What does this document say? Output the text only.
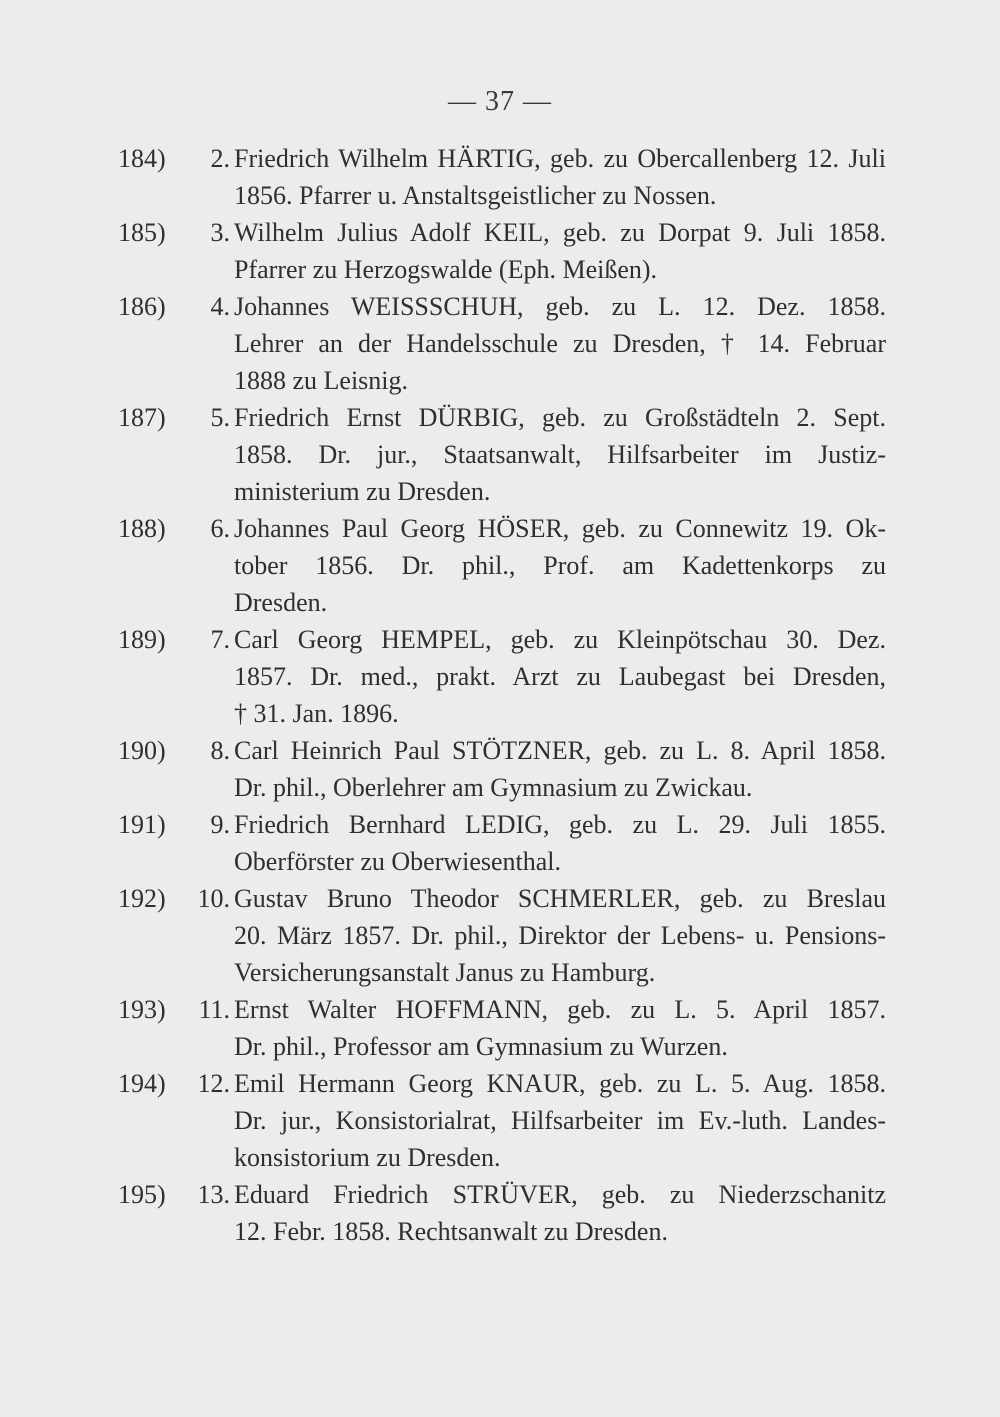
— 37 —
184)	2. Friedrich Wilhelm HÄRTIG, geb. zu Obercallenberg 12. Juli
1856. Pfarrer u. Anstaltsgeistlicher zu Nossen.
185)	3. Wilhelm Julius Adolf KEIL, geb. zu Dorpat 9. Juli 1858.
Pfarrer zu Herzogswalde (Eph. Meißen).
186)	4. Johannes WEISSSCHUH, geb. zu L. 12. Dez. 1858.
Lehrer an der Handelsschule zu Dresden, † 14. Februar
1888 zu Leisnig.
187)	5. Friedrich Ernst DÜRBIG, geb. zu Großstädteln 2. Sept.
1858. Dr. jur., Staatsanwalt, Hilfsarbeiter im Justiz-
ministerium zu Dresden.
188)	6. Johannes Paul Georg HÖSER, geb. zu Connewitz 19. Ok-
tober 1856. Dr. phil., Prof. am Kadettenkorps zu
Dresden.
189)	7. Carl Georg HEMPEL, geb. zu Kleinpötschau 30. Dez.
1857. Dr. med., prakt. Arzt zu Laubegast bei Dresden,
† 31. Jan. 1896.
190)	8. Carl Heinrich Paul STÖTZNER, geb. zu L. 8. April 1858.
Dr. phil., Oberlehrer am Gymnasium zu Zwickau.
191)	9. Friedrich Bernhard LEDIG, geb. zu L. 29. Juli 1855.
Oberförster zu Oberwiesenthal.
192)	10. Gustav Bruno Theodor SCHMERLER, geb. zu Breslau
20. März 1857. Dr. phil., Direktor der Lebens- u. Pensions-
Versicherungsanstalt Janus zu Hamburg.
193)	11. Ernst Walter HOFFMANN, geb. zu L. 5. April 1857.
Dr. phil., Professor am Gymnasium zu Wurzen.
194)	12. Emil Hermann Georg KNAUR, geb. zu L. 5. Aug. 1858.
Dr. jur., Konsistorialrat, Hilfsarbeiter im Ev.-luth. Landes-
konsistorium zu Dresden.
195)	13. Eduard Friedrich STRÜVER, geb. zu Niederzschanitz
12. Febr. 1858. Rechtsanwalt zu Dresden.
